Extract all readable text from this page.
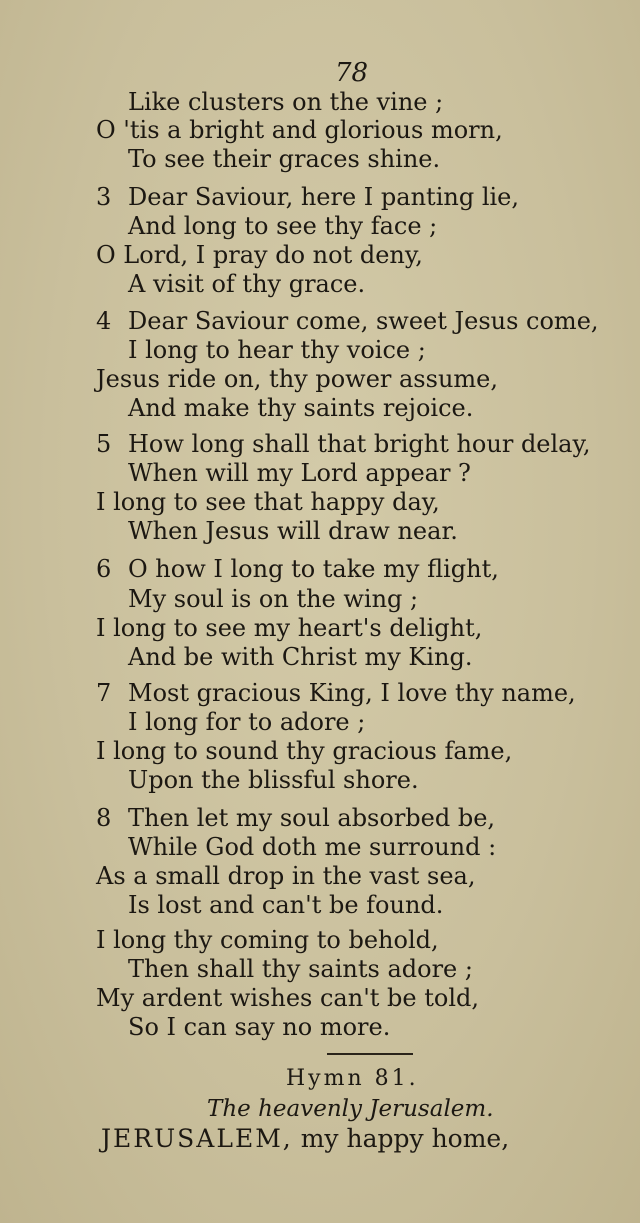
78
Like clusters on the vine ;
O 'tis a bright and glorious morn,
To see their graces shine.
3 Dear Saviour, here I panting lie,
And long to see thy face ;
O Lord, I pray do not deny,
A visit of thy grace.
4 Dear Saviour come, sweet Jesus come,
I long to hear thy voice ;
Jesus ride on, thy power assume,
And make thy saints rejoice.
5 How long shall that bright hour delay,
When will my Lord appear ?
I long to see that happy day,
When Jesus will draw near.
6 O how I long to take my flight,
My soul is on the wing ;
I long to see my heart's delight,
And be with Christ my King.
7 Most gracious King, I love thy name,
I long for to adore ;
I long to sound thy gracious fame,
Upon the blissful shore.
8 Then let my soul absorbed be,
While God doth me surround :
As a small drop in the vast sea,
Is lost and can't be found.
I long thy coming to behold,
Then shall thy saints adore ;
My ardent wishes can't be told,
So I can say no more.
Hymn 81.
The heavenly Jerusalem.
JERUSALEM, my happy home,
